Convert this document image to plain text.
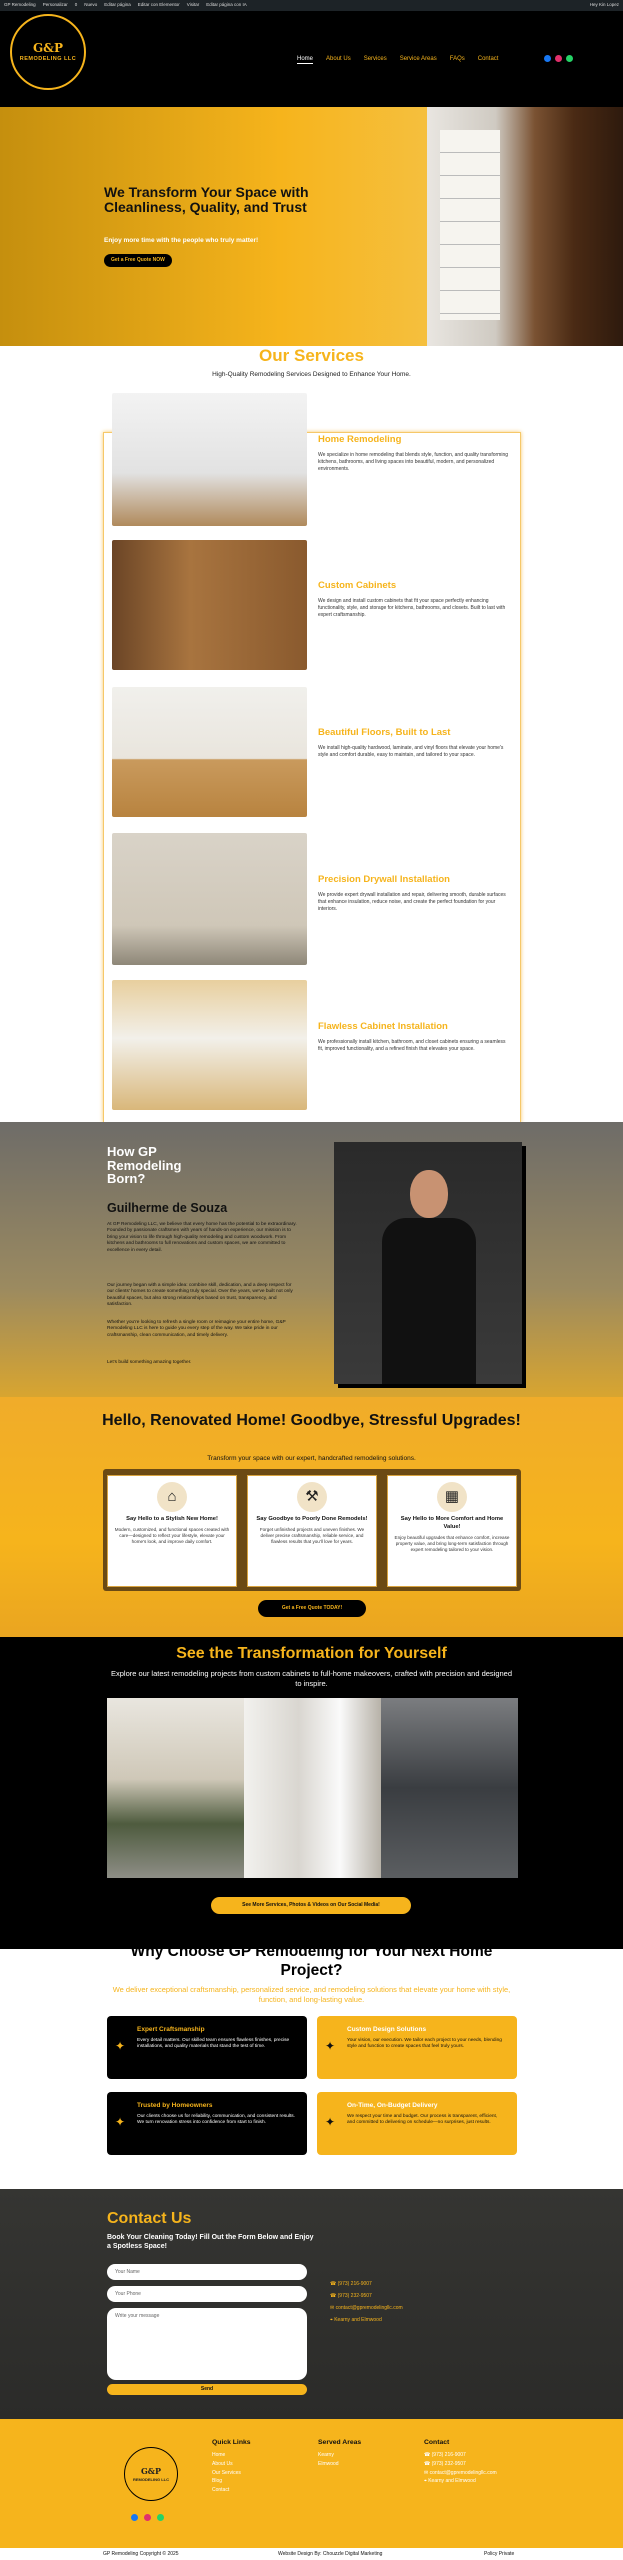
GP Remodeling Personalizar 0 Nuevo Editar página Editar con Elementor Visitar Editar página con IA	Hey Kin Lopez
G&P
REMODELING LLC	Home About Us Services Service Areas FAQs Contact
We Transform Your Space with Cleanliness, Quality, and Trust
Enjoy more time with the people who truly matter!
Get a Free Quote NOW
Our Services
High-Quality Remodeling Services Designed to Enhance Your Home.
Home Remodeling
We specialize in home remodeling that blends style, function, and quality transforming kitchens, bathrooms, and living spaces into beautiful, modern, and personalized environments.
Custom Cabinets
We design and install custom cabinets that fit your space perfectly enhancing functionality, style, and storage for kitchens, bathrooms, and closets. Built to last with expert craftsmanship.
Beautiful Floors, Built to Last
We install high-quality hardwood, laminate, and vinyl floors that elevate your home's style and comfort durable, easy to maintain, and tailored to your space.
Precision Drywall Installation
We provide expert drywall installation and repair, delivering smooth, durable surfaces that enhance insulation, reduce noise, and create the perfect foundation for your interiors.
Flawless Cabinet Installation
We professionally install kitchen, bathroom, and closet cabinets ensuring a seamless fit, improved functionality, and a refined finish that elevates your space.
How GP Remodeling Born?
Guilherme de Souza
At GP Remodeling LLC, we believe that every home has the potential to be extraordinary. Founded by passionate craftsmen with years of hands-on experience, our mission is to bring your vision to life through high-quality remodeling and custom woodwork. From kitchens and bathrooms to full renovations and custom spaces, we are committed to excellence in every detail.
Our journey began with a simple idea: combine skill, dedication, and a deep respect for our clients' homes to create something truly special. Over the years, we've built not only beautiful spaces, but also strong relationships based on trust, transparency, and satisfaction.
Whether you're looking to refresh a single room or reimagine your entire home, G&P Remodeling LLC is here to guide you every step of the way. We take pride in our craftsmanship, clean communication, and timely delivery.
Let's build something amazing together.
Hello, Renovated Home! Goodbye, Stressful Upgrades!
Transform your space with our expert, handcrafted remodeling solutions.
⌂
Say Hello to a Stylish New Home!
Modern, customized, and functional spaces created with care—designed to reflect your lifestyle, elevate your home's look, and improve daily comfort.
⚒
Say Goodbye to Poorly Done Remodels!
Forget unfinished projects and uneven finishes. We deliver precise craftsmanship, reliable service, and flawless results that you'll love for years.
▦
Say Hello to More Comfort and Home Value!
Enjoy beautiful upgrades that enhance comfort, increase property value, and bring long-term satisfaction through expert remodeling tailored to your vision.
Get a Free Quote TODAY!
See the Transformation for Yourself
Explore our latest remodeling projects from custom cabinets to full-home makeovers, crafted with precision and designed to inspire.
See More Services, Photos & Videos on Our Social Media!
Why Choose GP Remodeling for Your Next Home Project?
We deliver exceptional craftsmanship, personalized service, and remodeling solutions that elevate your home with style, function, and long-lasting value.
✦
Expert Craftsmanship
Every detail matters. Our skilled team ensures flawless finishes, precise installations, and quality materials that stand the test of time.	✦
Custom Design Solutions
Your vision, our execution. We tailor each project to your needs, blending style and function to create spaces that feel truly yours.
✦
Trusted by Homeowners
Our clients choose us for reliability, communication, and consistent results. We turn renovation stress into confidence from start to finish.	✦
On-Time, On-Budget Delivery
We respect your time and budget. Our process is transparent, efficient, and committed to delivering on schedule—no surprises, just results.
Contact Us
Book Your Cleaning Today! Fill Out the Form Below and Enjoy a Spotless Space!
Your Name
Your Phone
Write your message
Send
☎ (973) 216-9007
☎ (973) 232-9507
✉ contact@gpremodelingllc.com
⌖ Kearny and Elmwood
G&P
REMODELING LLC
Quick Links
Home
About Us
Our Services
Blog
Contact
Served Areas
Kearny
Elmwood
Contact
☎ (973) 216-9007
☎ (973) 232-9507
✉ contact@gpremodelingllc.com
⌖ Kearny and Elmwood
GP Remodeling Copyright © 2025	Website Design By: Chouzzle Digital Marketing	Policy Private
